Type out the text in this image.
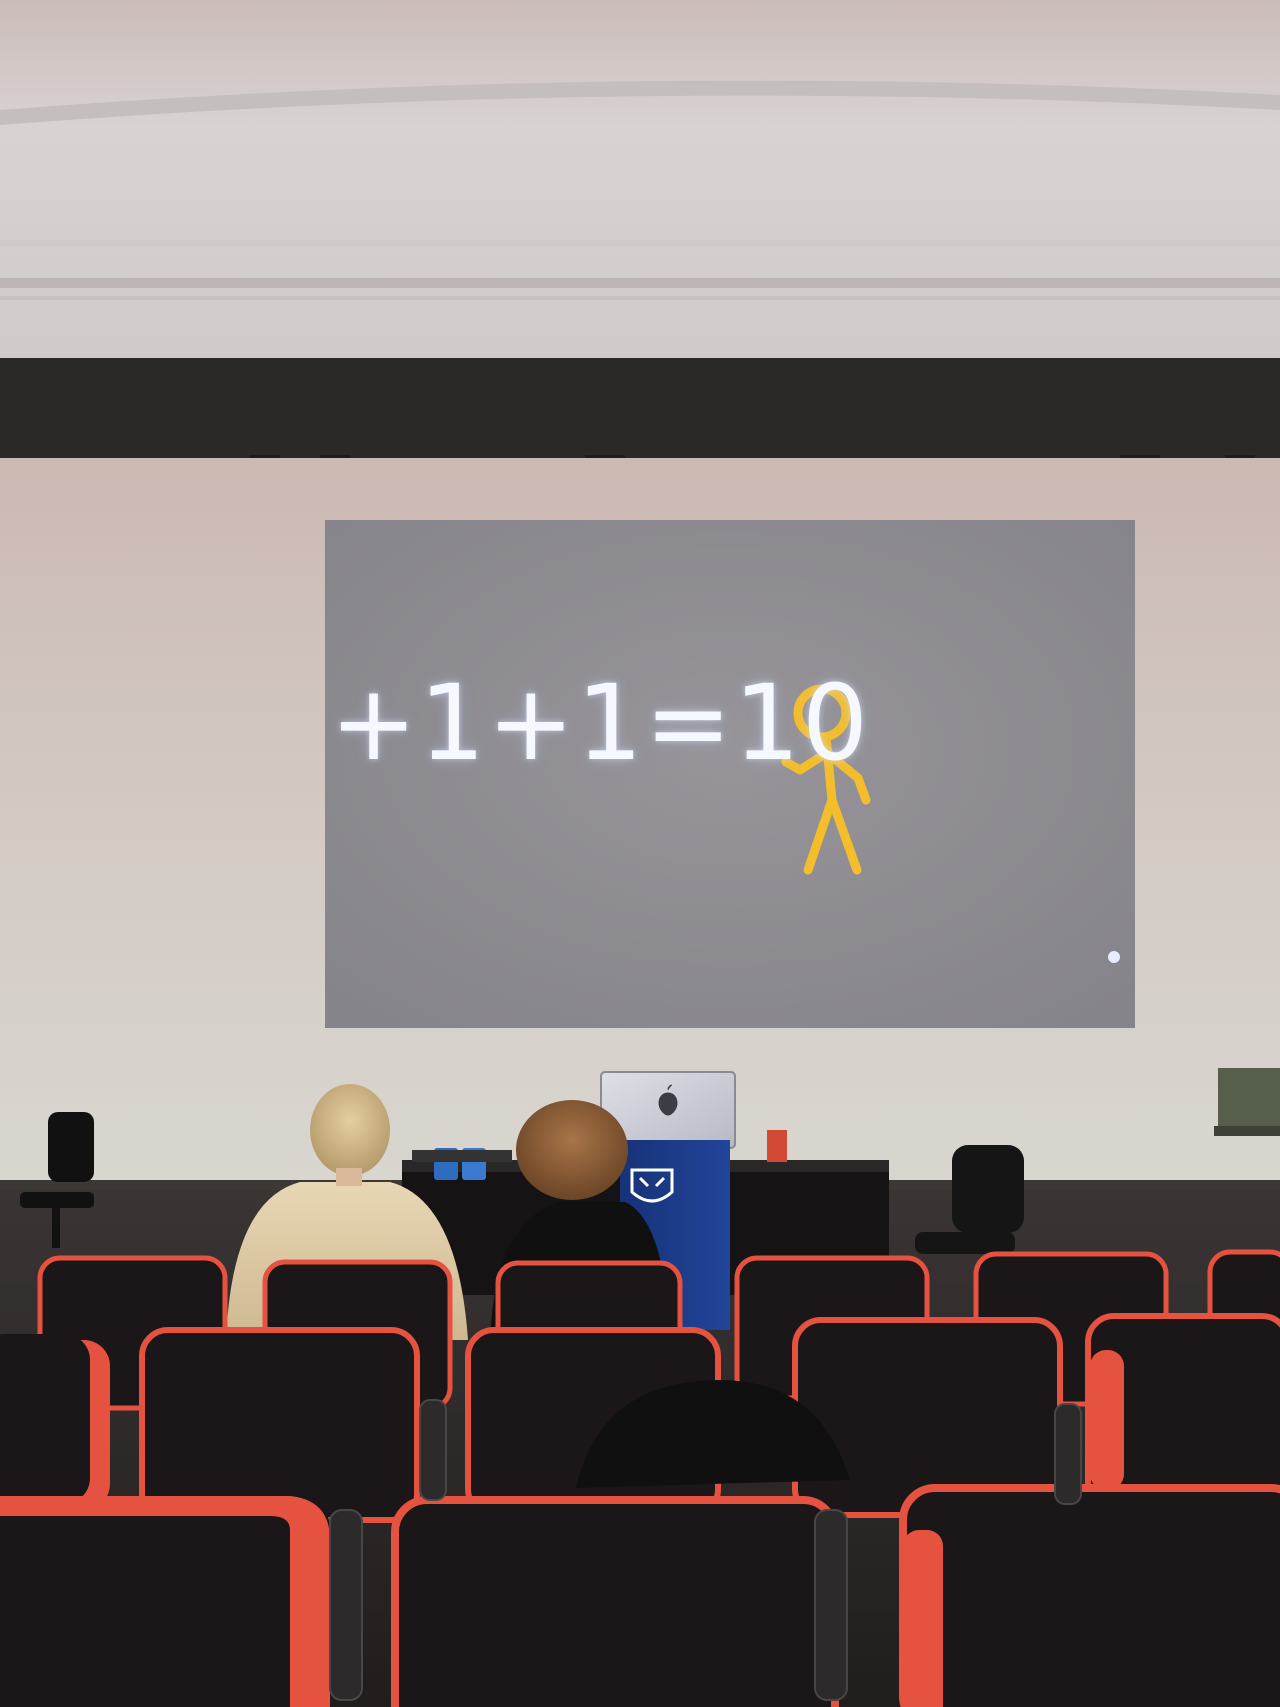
+1+1=10
